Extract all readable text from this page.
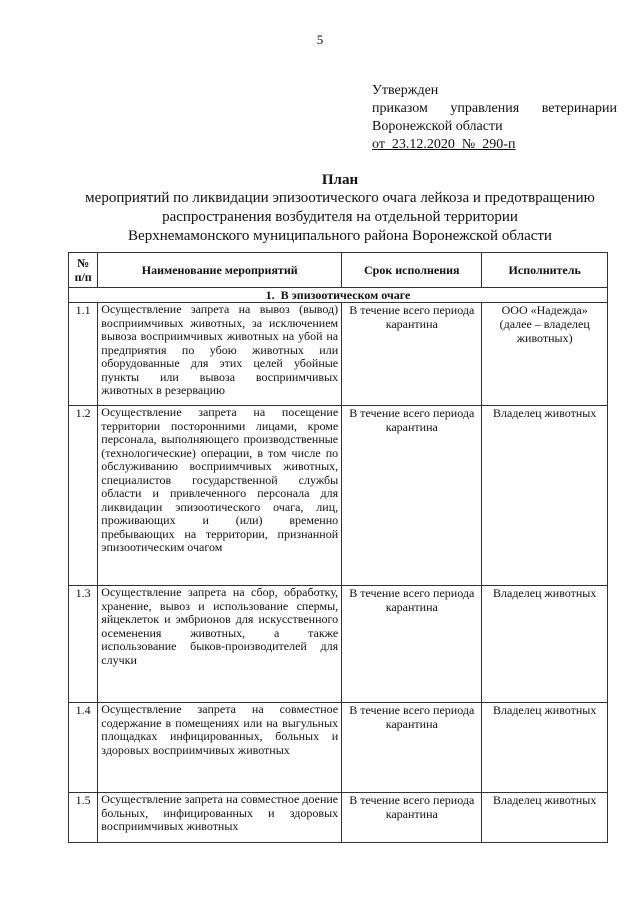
5
Утвержден
приказом управления ветеринарии
Воронежской области
от  23.12.2020  №  290-п
План
мероприятий по ликвидации эпизоотического очага лейкоза и предотвращению
распространения возбудителя на отдельной территории
Верхнемамонского муниципального района Воронежской области
№
п/п	Наименование мероприятий	Срок исполнения	Исполнитель
1.  В эпизоотическом очаге			
1.1	Осуществление запрета на вывоз (вывод) восприимчивых животных, за исключением вывоза восприимчивых животных на убой на предприятия по убою животных или оборудованные для этих целей убойные пункты или вывоза восприимчивых животных в резервацию	В течение всего периода карантина	ООО «Надежда» (далее – владелец животных)
1.2	Осуществление запрета на посещение территории посторонними лицами, кроме персонала, выполняющего производственные (технологические) операции, в том числе по обслуживанию восприимчивых животных, специалистов государственной службы области и привлеченного персонала для ликвидации эпизоотического очага, лиц, проживающих и (или) временно пребывающих на территории, признанной эпизоотическим очагом	В течение всего периода карантина	Владелец животных
1.3	Осуществление запрета на сбор, обработку, хранение, вывоз и использование спермы, яйцеклеток и эмбрионов для искусственного осеменения животных, а также использование быков-производителей для случки	В течение всего периода карантина	Владелец животных
1.4	Осуществление запрета на совместное содержание в помещениях или на выгульных площадках инфицированных, больных и здоровых восприимчивых животных	В течение всего периода карантина	Владелец животных
1.5	Осуществление запрета на совместное доение больных, инфицированных и здоровых восприимчивых животных	В течение всего периода карантина	Владелец животных
